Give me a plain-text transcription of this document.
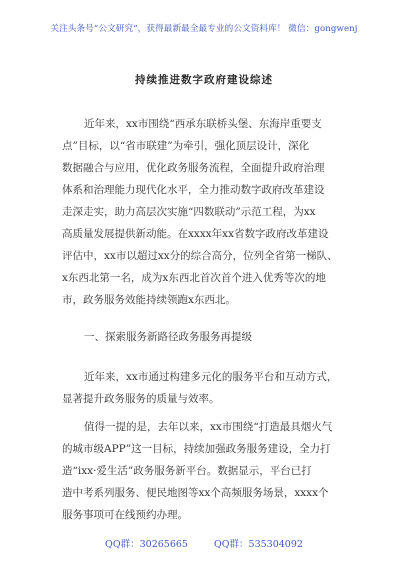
关注头条号“公文研究”，获得最新最全最专业的公文资料库！ 微信：gongwenj
持续推进数字政府建设综述
近年来，xx市围绕“西承东联桥头堡、东海岸重要支
点”目标，以“省市联建”为牵引，强化顶层设计，深化
数据融合与应用，优化政务服务流程，全面提升政府治理
体系和治理能力现代化水平，全力推动数字政府改革建设
走深走实，助力高层次实施“四数联动”示范工程，为xx
高质量发展提供新动能。在xxxx年xx省数字政府改革建设
评估中，xx市以超过xx分的综合高分，位列全省第一梯队、
x东西北第一名，成为x东西北首次首个进入优秀等次的地
市，政务服务效能持续领跑x东西北。
一、探索服务新路径政务服务再提级
近年来，xx市通过构建多元化的服务平台和互动方式，
显著提升政务服务的质量与效率。
值得一提的是，去年以来，xx市围绕“打造最具烟火气
的城市级APP”这一目标，持续加强政务服务建设，全力打
造“ixx·爱生活”政务服务新平台。数据显示，平台已打
造中考系列服务、便民地图等xx个高频服务场景，xxxx个
服务事项可在线预约办理。
QQ群：30265665	QQ群：535304092
